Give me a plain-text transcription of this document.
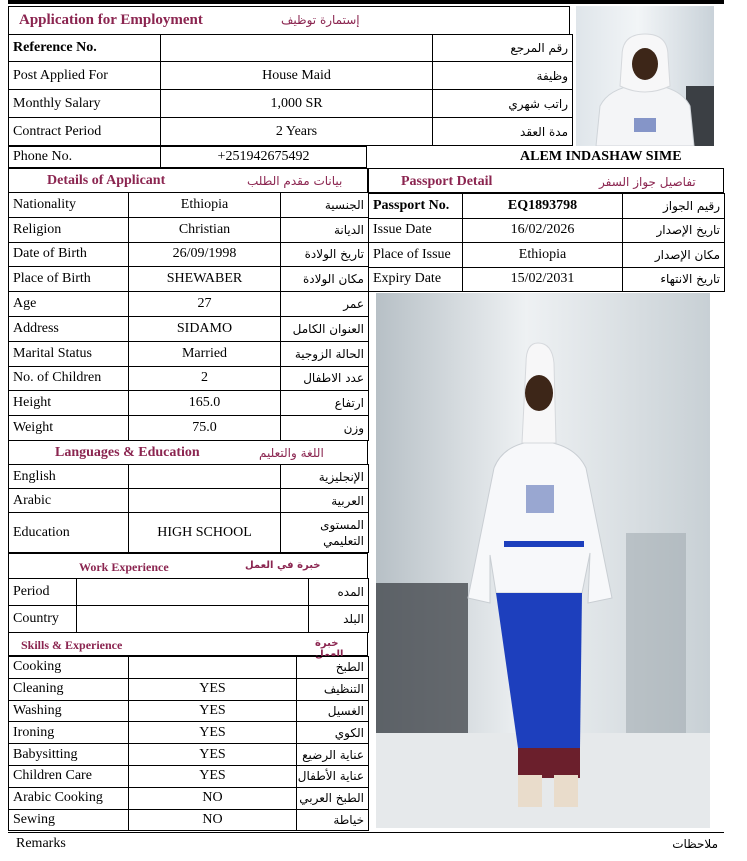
Application for Employment	إستمارة توظيف
Reference No.		رقم المرجع
Post Applied For	House Maid	وظيفة
Monthly Salary	1,000 SR	راتب شهري
Contract Period	2 Years	مدة العقد
Phone No.	+251942675492	ALEM INDASHAW SIME
Details of Applicant	بيانات مقدم الطلب
Nationality	Ethiopia	الجنسية
Religion	Christian	الديانة
Date of Birth	26/09/1998	تاريخ الولادة
Place of Birth	SHEWABER	مكان الولادة
Age	27	عمر
Address	SIDAMO	العنوان الكامل
Marital Status	Married	الحالة الزوجية
No. of Children	2	عدد الاطفال
Height	165.0	ارتفاع
Weight	75.0	وزن
Passport Detail	تفاصيل جواز السفر
Passport No.	EQ1893798	رقيم الجواز
Issue Date	16/02/2026	تاريخ الإصدار
Place of Issue	Ethiopia	مكان الإصدار
Expiry Date	15/02/2031	تاريخ الانتهاء
Languages & Education	اللغة والتعليم
English		الإنجليزية
Arabic		العربية
Education	HIGH SCHOOL	المستوى التعليمي
Work Experience	خبرة في العمل
Period		المده
Country		البلد
Skills & Experience	خبرة العمل
Cooking		الطبخ
Cleaning	YES	التنظيف
Washing	YES	الغسيل
Ironing	YES	الكوي
Babysitting	YES	عناية الرضيع
Children Care	YES	عناية الأطفال
Arabic Cooking	NO	الطبخ العربي
Sewing	NO	خياطة
Remarks	ملاحظات
